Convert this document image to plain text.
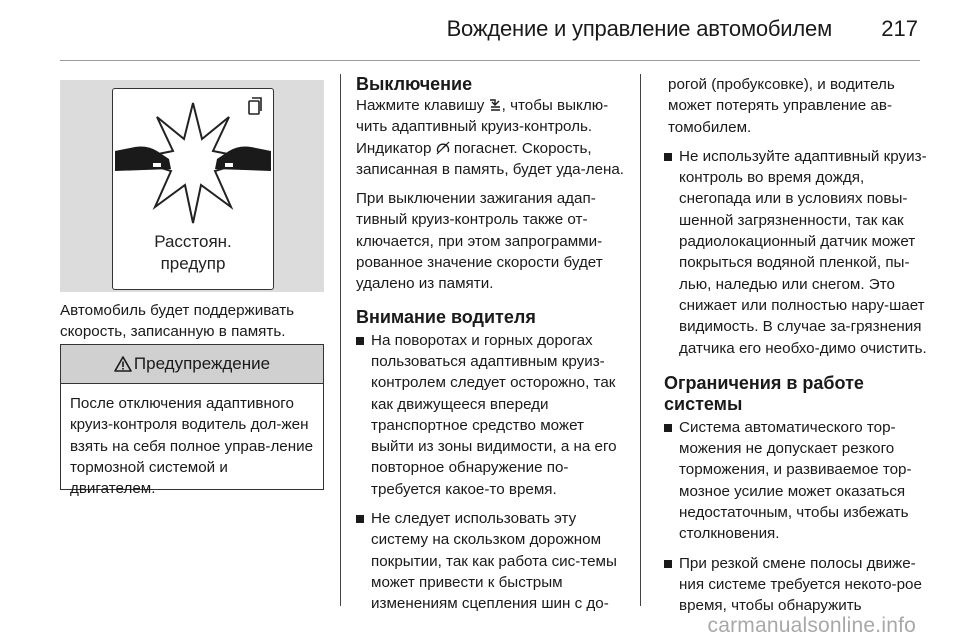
Вождение и управление автомобилем 217
Расстоян.
предупр
Автомобиль будет поддерживать скорость, записанную в память.
Предупреждение
После отключения адаптивного круиз-контроля водитель дол-жен взять на себя полное управ-ление тормозной системой и двигателем.
Выключение

Нажмите клавишу , чтобы выклю-чить адаптивный круиз-контроль. Индикатор погаснет. Скорость, записанная в память, будет уда-лена.

При выключении зажигания адап-тивный круиз-контроль также от-ключается, при этом запрограмми-рованное значение скорости будет удалено из памяти.

Внимание водителя
На поворотах и горных дорогах пользоваться адаптивным круиз-контролем следует осторожно, так как движущееся впереди транспортное средство может выйти из зоны видимости, а на его повторное обнаружение по-требуется какое-то время.
Не следует использовать эту систему на скользком дорожном покрытии, так как работа сис-темы может привести к быстрым изменениям сцепления шин с до-

рогой (пробуксовке), и водитель может потерять управление ав-томобилем.

Не используйте адаптивный круиз-контроль во время дождя, снегопада или в условиях повы-шенной загрязненности, так как радиолокационный датчик может покрыться водяной пленкой, пы-лью, наледью или снегом. Это снижает или полностью нару-шает видимость. В случае за-грязнения датчика его необхо-димо очистить.
Ограничения в работе системы
Система автоматического тор-можения не допускает резкого торможения, и развиваемое тор-мозное усилие может оказаться недостаточным, чтобы избежать столкновения.
При резкой смене полосы движе-ния системе требуется некото-рое время, чтобы обнаружить
carmanualsonline.info
